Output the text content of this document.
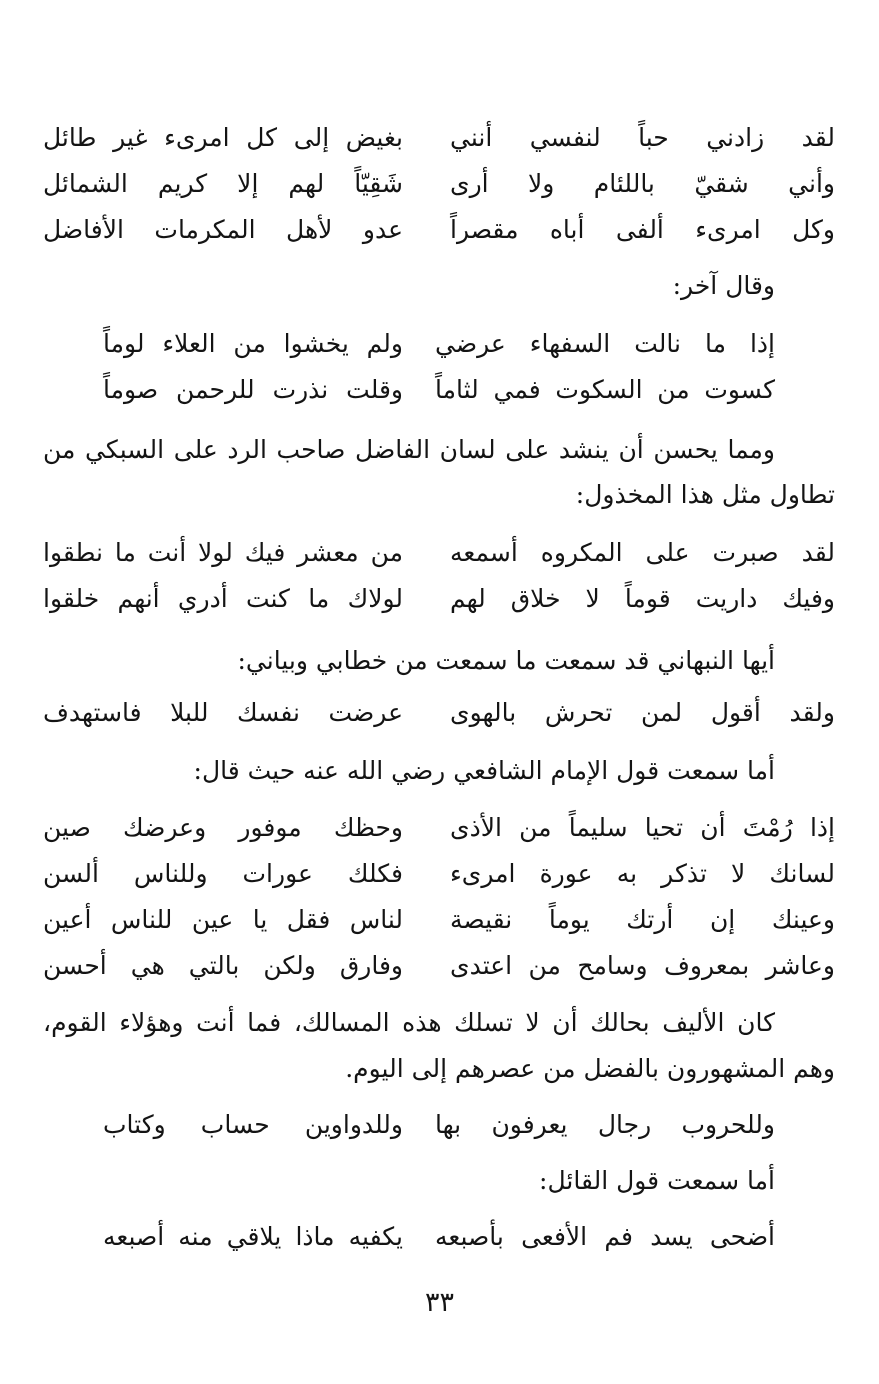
لقد زادني حباً لنفسي أنني
بغيض إلى كل امرىء غير طائل
وأني شقيّ باللئام ولا أرى
شَقِيّاً لهم إلا كريم الشمائل
وكل امرىء ألفى أباه مقصراً
عدو لأهل المكرمات الأفاضل
وقال آخر:
إذا ما نالت السفهاء عرضي
ولم يخشوا من العلاء لوماً
كسوت من السكوت فمي لثاماً
وقلت نذرت للرحمن صوماً
ومما يحسن أن ينشد على لسان الفاضل صاحب الرد على السبكي من
تطاول مثل هذا المخذول:
لقد صبرت على المكروه أسمعه
من معشر فيك لولا أنت ما نطقوا
وفيك داريت قوماً لا خلاق لهم
لولاك ما كنت أدري أنهم خلقوا
أيها النبهاني قد سمعت ما سمعت من خطابي وبياني:
ولقد أقول لمن تحرش بالهوى
عرضت نفسك للبلا فاستهدف
أما سمعت قول الإمام الشافعي رضي الله عنه حيث قال:
إذا رُمْتَ أن تحيا سليماً من الأذى
وحظك موفور وعرضك صين
لسانك لا تذكر به عورة امرىء
فكلك عورات وللناس ألسن
وعينك إن أرتك يوماً نقيصة
لناس فقل يا عين للناس أعين
وعاشر بمعروف وسامح من اعتدى
وفارق ولكن بالتي هي أحسن
كان الأليف بحالك أن لا تسلك هذه المسالك، فما أنت وهؤلاء القوم،
وهم المشهورون بالفضل من عصرهم إلى اليوم.
وللحروب رجال يعرفون بها
وللدواوين حساب وكتاب
أما سمعت قول القائل:
أضحى يسد فم الأفعى بأصبعه
يكفيه ماذا يلاقي منه أصبعه
٣٣
